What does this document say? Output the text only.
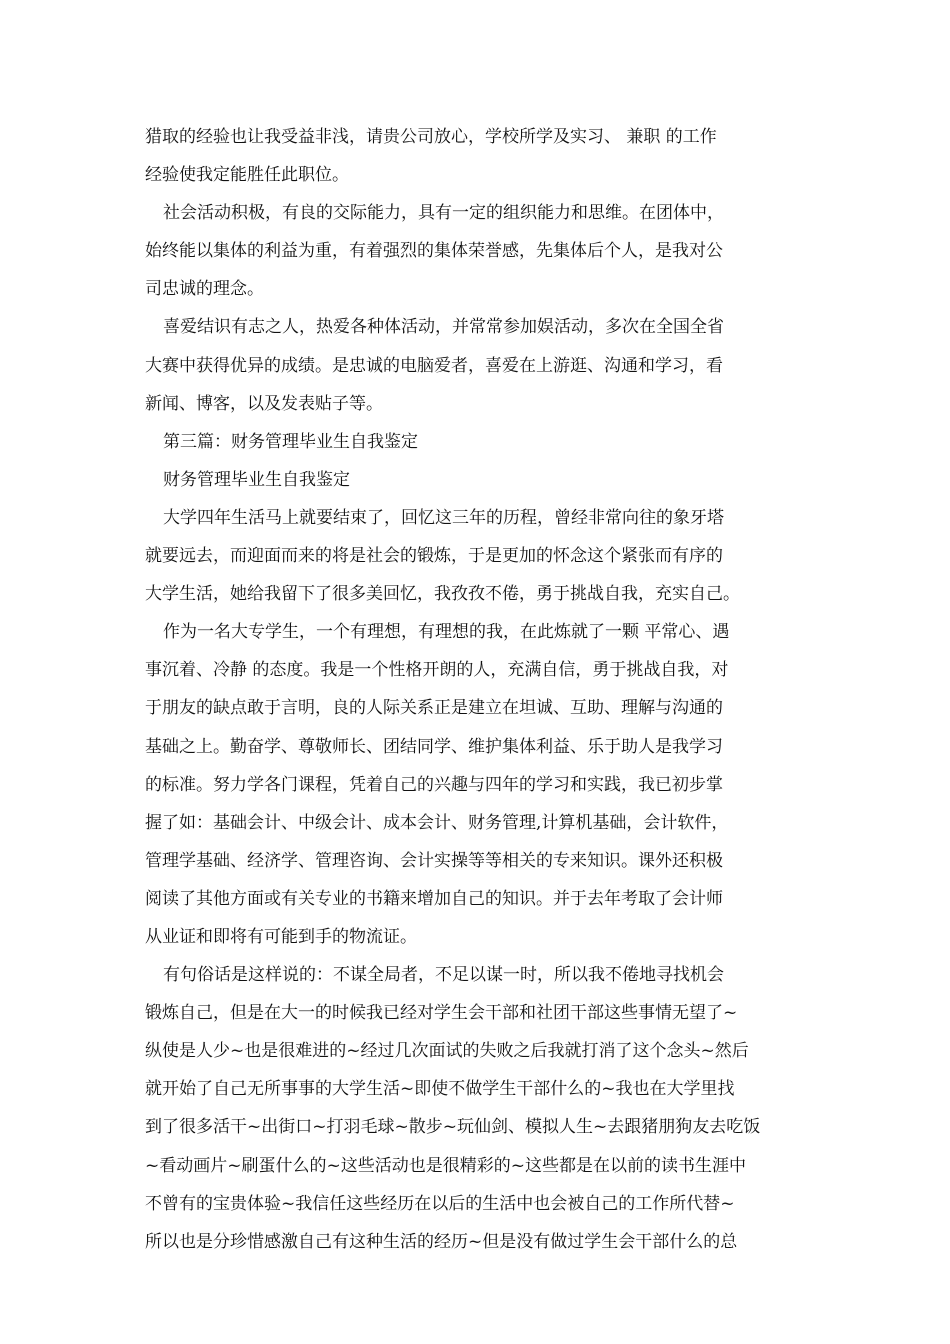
猎取的经验也让我受益非浅，请贵公司放心，学校所学及实习、 兼职 的工作
经验使我定能胜任此职位。
社会活动积极，有良的交际能力，具有一定的组织能力和思维。在团体中，
始终能以集体的利益为重，有着强烈的集体荣誉感，先集体后个人，是我对公
司忠诚的理念。
喜爱结识有志之人，热爱各种体活动，并常常参加娱活动，多次在全国全省
大赛中获得优异的成绩。是忠诚的电脑爱者，喜爱在上游逛、沟通和学习，看
新闻、博客，以及发表贴子等。
第三篇：财务管理毕业生自我鉴定
财务管理毕业生自我鉴定
大学四年生活马上就要结束了，回忆这三年的历程，曾经非常向往的象牙塔
就要远去，而迎面而来的将是社会的锻炼，于是更加的怀念这个紧张而有序的
大学生活，她给我留下了很多美回忆，我孜孜不倦，勇于挑战自我，充实自己。
作为一名大专学生，一个有理想，有理想的我，在此炼就了一颗 平常心、遇
事沉着、冷静 的态度。我是一个性格开朗的人，充满自信，勇于挑战自我，对
于朋友的缺点敢于言明，良的人际关系正是建立在坦诚、互助、理解与沟通的
基础之上。勤奋学、尊敬师长、团结同学、维护集体利益、乐于助人是我学习
的标准。努力学各门课程，凭着自己的兴趣与四年的学习和实践，我已初步掌
握了如：基础会计、中级会计、成本会计、财务管理,计算机基础，会计软件，
管理学基础、经济学、管理咨询、会计实操等等相关的专来知识。课外还积极
阅读了其他方面或有关专业的书籍来增加自己的知识。并于去年考取了会计师
从业证和即将有可能到手的物流证。
有句俗话是这样说的：不谋全局者，不足以谋一时，所以我不倦地寻找机会
锻炼自己，但是在大一的时候我已经对学生会干部和社团干部这些事情无望了~
纵使是人少~也是很难进的~经过几次面试的失败之后我就打消了这个念头~然后
就开始了自己无所事事的大学生活~即使不做学生干部什么的~我也在大学里找
到了很多活干~出街口~打羽毛球~散步~玩仙剑、模拟人生~去跟猪朋狗友去吃饭
~看动画片~刷蛋什么的~这些活动也是很精彩的~这些都是在以前的读书生涯中
不曾有的宝贵体验~我信任这些经历在以后的生活中也会被自己的工作所代替~
所以也是分珍惜感激自己有这种生活的经历~但是没有做过学生会干部什么的总
